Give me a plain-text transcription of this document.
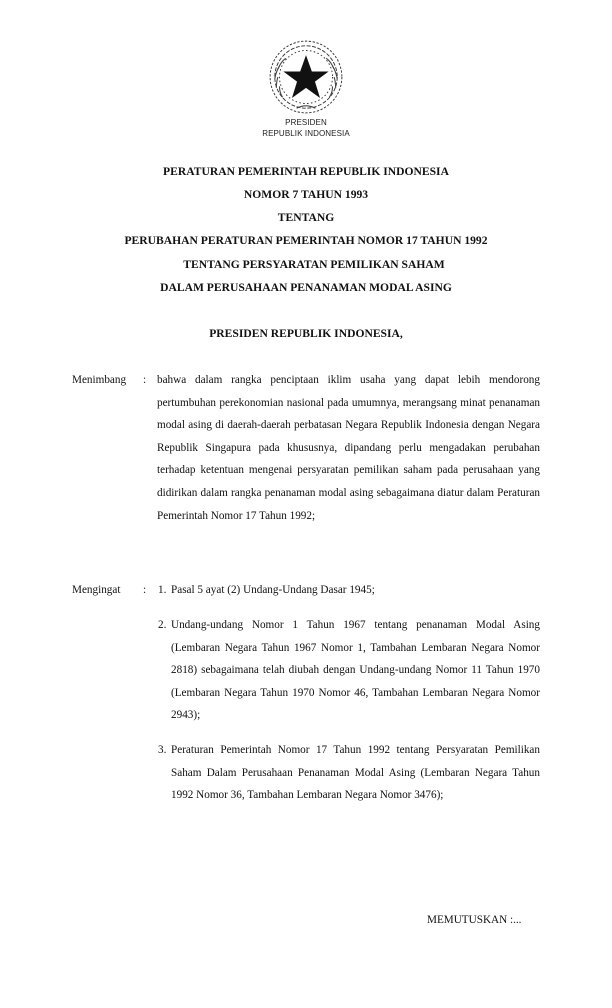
PRESIDEN
REPUBLIK INDONESIA
PERATURAN PEMERINTAH REPUBLIK INDONESIA
NOMOR 7 TAHUN 1993
TENTANG
PERUBAHAN PERATURAN PEMERINTAH NOMOR 17 TAHUN 1992
TENTANG PERSYARATAN PEMILIKAN SAHAM
DALAM PERUSAHAAN PENANAMAN MODAL ASING
PRESIDEN REPUBLIK INDONESIA,
Menimbang : bahwa dalam rangka penciptaan iklim usaha yang dapat lebih mendorong pertumbuhan perekonomian nasional pada umumnya, merangsang minat penanaman modal asing di daerah-daerah perbatasan Negara Republik Indonesia dengan Negara Republik Singapura pada khususnya, dipandang perlu mengadakan perubahan terhadap ketentuan mengenai persyaratan pemilikan saham pada perusahaan yang didirikan dalam rangka penanaman modal asing sebagaimana diatur dalam Peraturan Pemerintah Nomor 17 Tahun 1992;
Mengingat : 1. Pasal 5 ayat (2) Undang-Undang Dasar 1945;
2. Undang-undang Nomor 1 Tahun 1967 tentang penanaman Modal Asing (Lembaran Negara Tahun 1967 Nomor 1, Tambahan Lembaran Negara Nomor 2818) sebagaimana telah diubah dengan Undang-undang Nomor 11 Tahun 1970 (Lembaran Negara Tahun 1970 Nomor 46, Tambahan Lembaran Negara Nomor 2943);
3. Peraturan Pemerintah Nomor 17 Tahun 1992 tentang Persyaratan Pemilikan Saham Dalam Perusahaan Penanaman Modal Asing (Lembaran Negara Tahun 1992 Nomor 36, Tambahan Lembaran Negara Nomor 3476);
MEMUTUSKAN :...
